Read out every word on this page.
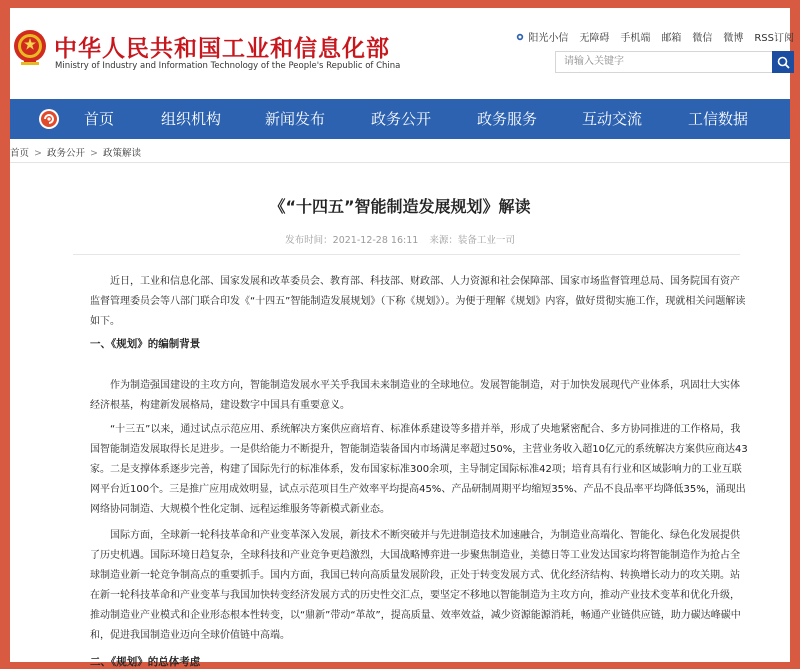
中华人民共和国工业和信息化部
Ministry of Industry and Information Technology of the People's Republic of China
阳光小信 无障碍 手机端 邮箱 微信 微博 RSS订阅
请输入关键字
首页	组织机构	新闻发布	政务公开	政务服务	互动交流	工信数据
首页 > 政务公开 > 政策解读
《“十四五”智能制造发展规划》解读
发布时间：2021-12-28 16:11 来源：装备工业一司

近日，工业和信息化部、国家发展和改革委员会、教育部、科技部、财政部、人力资源和社会保障部、国家市场监督管理总局、国务院国有资产监督管理委员会等八部门联合印发《“十四五”智能制造发展规划》（下称《规划》）。为便于理解《规划》内容，做好贯彻实施工作，现就相关问题解读如下。

一、《规划》的编制背景

作为制造强国建设的主攻方向，智能制造发展水平关乎我国未来制造业的全球地位。发展智能制造，对于加快发展现代产业体系，巩固壮大实体经济根基，构建新发展格局，建设数字中国具有重要意义。

“十三五”以来，通过试点示范应用、系统解决方案供应商培育、标准体系建设等多措并举，形成了央地紧密配合、多方协同推进的工作格局，我国智能制造发展取得长足进步。一是供给能力不断提升，智能制造装备国内市场满足率超过50%，主营业务收入超10亿元的系统解决方案供应商达43家。二是支撑体系逐步完善，构建了国际先行的标准体系，发布国家标准300余项，主导制定国际标准42项；培育具有行业和区域影响力的工业互联网平台近100个。三是推广应用成效明显，试点示范项目生产效率平均提高45%、产品研制周期平均缩短35%、产品不良品率平均降低35%，涌现出网络协同制造、大规模个性化定制、远程运维服务等新模式新业态。

国际方面，全球新一轮科技革命和产业变革深入发展，新技术不断突破并与先进制造技术加速融合，为制造业高端化、智能化、绿色化发展提供了历史机遇。国际环境日趋复杂，全球科技和产业竞争更趋激烈，大国战略博弈进一步聚焦制造业，美德日等工业发达国家均将智能制造作为抢占全球制造业新一轮竞争制高点的重要抓手。国内方面，我国已转向高质量发展阶段，正处于转变发展方式、优化经济结构、转换增长动力的攻关期。站在新一轮科技革命和产业变革与我国加快转变经济发展方式的历史性交汇点，要坚定不移地以智能制造为主攻方向，推动产业技术变革和优化升级，推动制造业产业模式和企业形态根本性转变，以“鼎新”带动“革故”，提高质量、效率效益，减少资源能源消耗，畅通产业链供应链，助力碳达峰碳中和，促进我国制造业迈向全球价值链中高端。

二、《规划》的总体考虑
